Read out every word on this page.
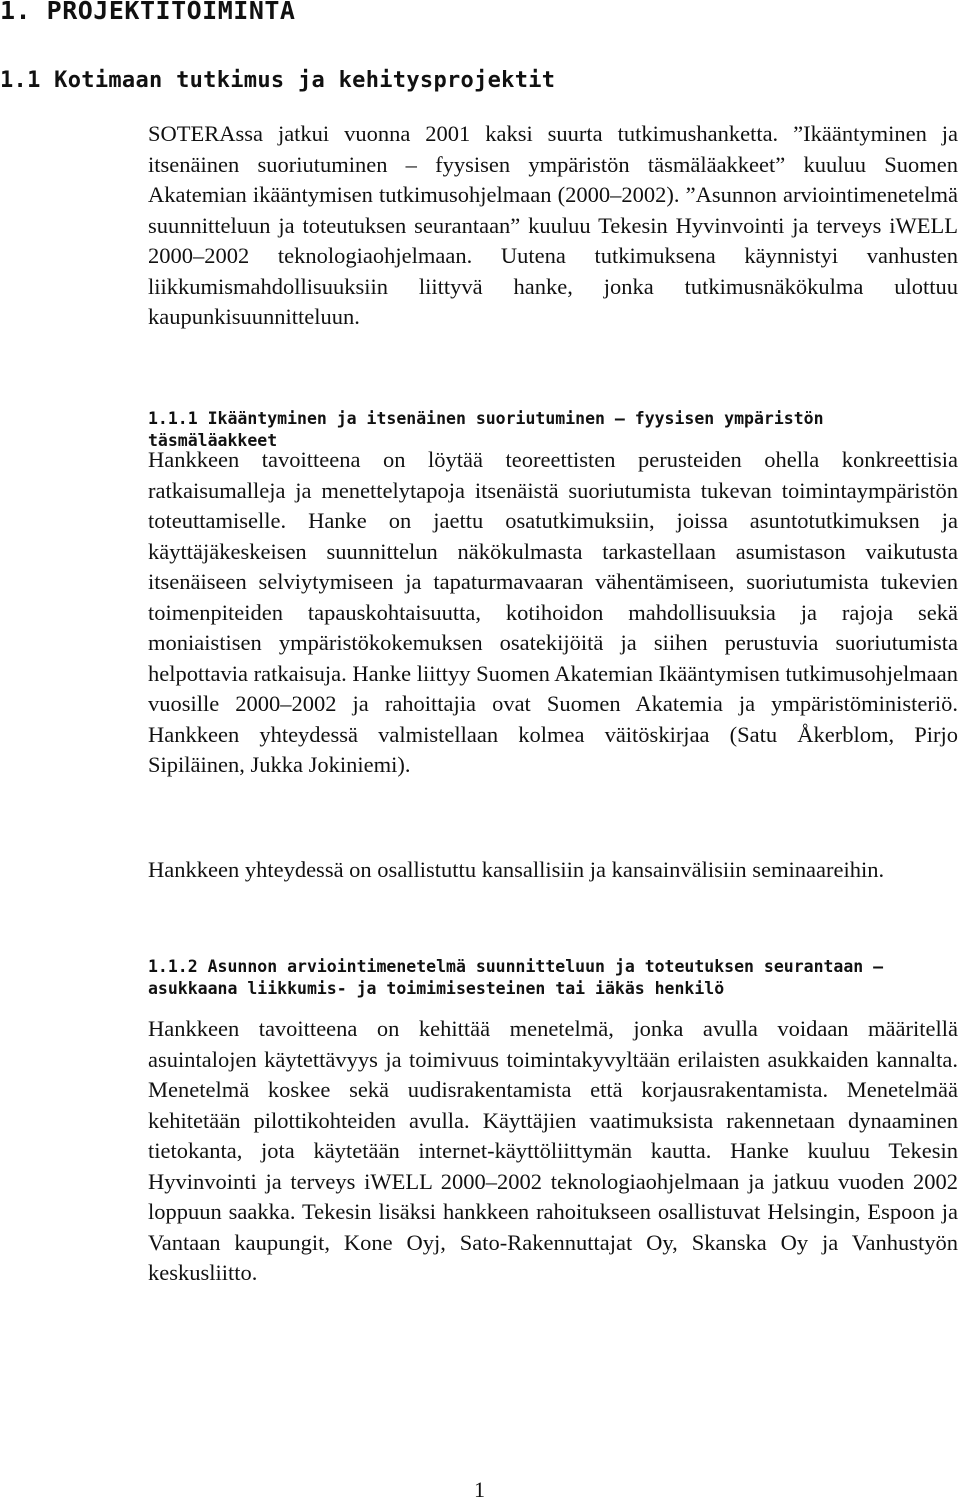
1. PROJEKTITOIMINTA
1.1 Kotimaan tutkimus ja kehitysprojektit

SOTERAssa jatkui vuonna 2001 kaksi suurta tutkimushanketta. ”Ikääntyminen ja itsenäinen suoriutuminen – fyysisen ympäristön täsmäläakkeet” kuuluu Suomen Akatemian ikääntymisen tutkimusohjelmaan (2000–2002). ”Asunnon arviointimenetelmä suunnitteluun ja toteutuksen seurantaan” kuuluu Tekesin Hyvinvointi ja terveys iWELL 2000–2002 teknologiaohjelmaan. Uutena tutkimuksena käynnistyi vanhusten liikkumismahdollisuuksiin liittyvä hanke, jonka tutkimusnäkökulma ulottuu kaupunkisuunnitteluun.

1.1.1 Ikääntyminen ja itsenäinen suoriutuminen – fyysisen ympäristön täsmäläakkeet

Hankkeen tavoitteena on löytää teoreettisten perusteiden ohella konkreettisia ratkaisumalleja ja menettelytapoja itsenäistä suoriutumista tukevan toimintaympäristön toteuttamiselle. Hanke on jaettu osatutkimuksiin, joissa asuntotutkimuksen ja käyttäjäkeskeisen suunnittelun näkökulmasta tarkastellaan asumistason vaikutusta itsenäiseen selviytymiseen ja tapaturmavaaran vähentämiseen, suoriutumista tukevien toimenpiteiden tapauskohtaisuutta, kotihoidon mahdollisuuksia ja rajoja sekä moniaistisen ympäristökokemuksen osatekijöitä ja siihen perustuvia suoriutumista helpottavia ratkaisuja. Hanke liittyy Suomen Akatemian Ikääntymisen tutkimusohjelmaan vuosille 2000–2002 ja rahoittajia ovat Suomen Akatemia ja ympäristöministeriö. Hankkeen yhteydessä valmistellaan kolmea väitöskirjaa (Satu Åkerblom, Pirjo Sipiläinen, Jukka Jokiniemi).

Hankkeen yhteydessä on osallistuttu kansallisiin ja kansainvälisiin seminaareihin.

1.1.2 Asunnon arviointimenetelmä suunnitteluun ja toteutuksen seurantaan – asukkaana liikkumis- ja toimimisesteinen tai iäkäs henkilö

Hankkeen tavoitteena on kehittää menetelmä, jonka avulla voidaan määritellä asuintalojen käytettävyys ja toimivuus toimintakyvyltään erilaisten asukkaiden kannalta. Menetelmä koskee sekä uudisrakentamista että korjausrakentamista. Menetelmää kehitetään pilottikohteiden avulla. Käyttäjien vaatimuksista rakennetaan dynaaminen tietokanta, jota käytetään internet-käyttöliittymän kautta. Hanke kuuluu Tekesin Hyvinvointi ja terveys iWELL 2000–2002 teknologiaohjelmaan ja jatkuu vuoden 2002 loppuun saakka. Tekesin lisäksi hankkeen rahoitukseen osallistuvat Helsingin, Espoon ja Vantaan kaupungit, Kone Oyj, Sato-Rakennuttajat Oy, Skanska Oy ja Vanhustyön keskusliitto.

1
